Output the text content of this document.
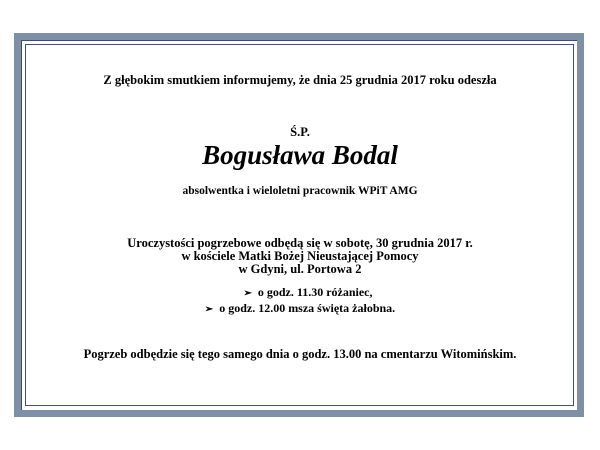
Z głębokim smutkiem informujemy, że dnia 25 grudnia 2017 roku odeszła
Ś.P.
Bogusława Bodal
absolwentka i wieloletni pracownik WPiT AMG
Uroczystości pogrzebowe odbędą się w sobotę, 30 grudnia 2017 r.
w kościele Matki Bożej Nieustającej Pomocy
w Gdyni, ul. Portowa 2
➢ o godz. 11.30 różaniec,
➢ o godz. 12.00 msza święta żałobna.
Pogrzeb odbędzie się tego samego dnia o godz. 13.00 na cmentarzu Witomińskim.
